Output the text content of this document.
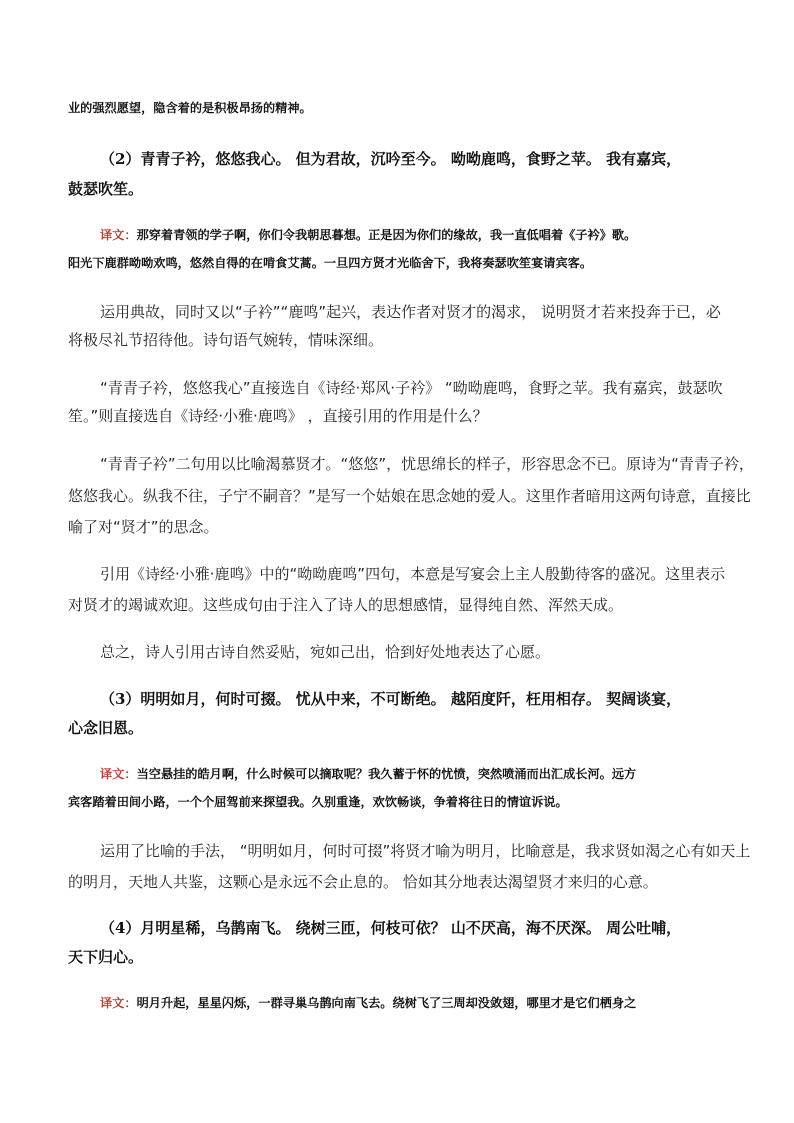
业的强烈愿望，隐含着的是积极昂扬的精神。
（2）青青子衿，悠悠我心。 但为君故，沉吟至今。 呦呦鹿鸣，食野之苹。 我有嘉宾，
鼓瑟吹笙。
译文：那穿着青领的学子啊，你们令我朝思暮想。正是因为你们的缘故，我一直低唱着《子衿》歌。
阳光下鹿群呦呦欢鸣，悠然自得的在啃食艾蒿。一旦四方贤才光临舍下，我将奏瑟吹笙宴请宾客。
运用典故，同时又以“子衿”“鹿鸣”起兴，表达作者对贤才的渴求， 说明贤才若来投奔于已，必
将极尽礼节招待他。诗句语气婉转，情味深细。
“青青子衿，悠悠我心”直接选自《诗经·郑风·子衿》 “呦呦鹿鸣，食野之苹。我有嘉宾，鼓瑟吹
笙。”则直接选自《诗经·小雅·鹿鸣》 ，直接引用的作用是什么？
“青青子衿”二句用以比喻渴慕贤才。“悠悠”，忧思绵长的样子，形容思念不已。原诗为“青青子衿，
悠悠我心。纵我不往，子宁不嗣音？”是写一个姑娘在思念她的爱人。这里作者暗用这两句诗意，直接比
喻了对“贤才”的思念。
引用《诗经·小雅·鹿鸣》中的“呦呦鹿鸣”四句，本意是写宴会上主人殷勤待客的盛况。这里表示
对贤才的竭诚欢迎。这些成句由于注入了诗人的思想感情，显得纯自然、浑然天成。
总之，诗人引用古诗自然妥贴，宛如己出，恰到好处地表达了心愿。
（3）明明如月，何时可掇。 忧从中来，不可断绝。 越陌度阡，枉用相存。 契阔谈宴，
心念旧恩。
译文：当空悬挂的皓月啊，什么时候可以摘取呢？我久蓄于怀的忧愤，突然喷涌而出汇成长河。远方
宾客踏着田间小路，一个个屈驾前来探望我。久别重逢，欢饮畅谈，争着将往日的情谊诉说。
运用了比喻的手法， “明明如月，何时可掇”将贤才喻为明月，比喻意是，我求贤如渴之心有如天上
的明月，天地人共鉴，这颗心是永远不会止息的。 恰如其分地表达渴望贤才来归的心意。
（4）月明星稀，乌鹊南飞。 绕树三匝，何枝可依？ 山不厌高，海不厌深。 周公吐哺，
天下归心。
译文：明月升起，星星闪烁，一群寻巢乌鹊向南飞去。绕树飞了三周却没敛翅，哪里才是它们栖身之
